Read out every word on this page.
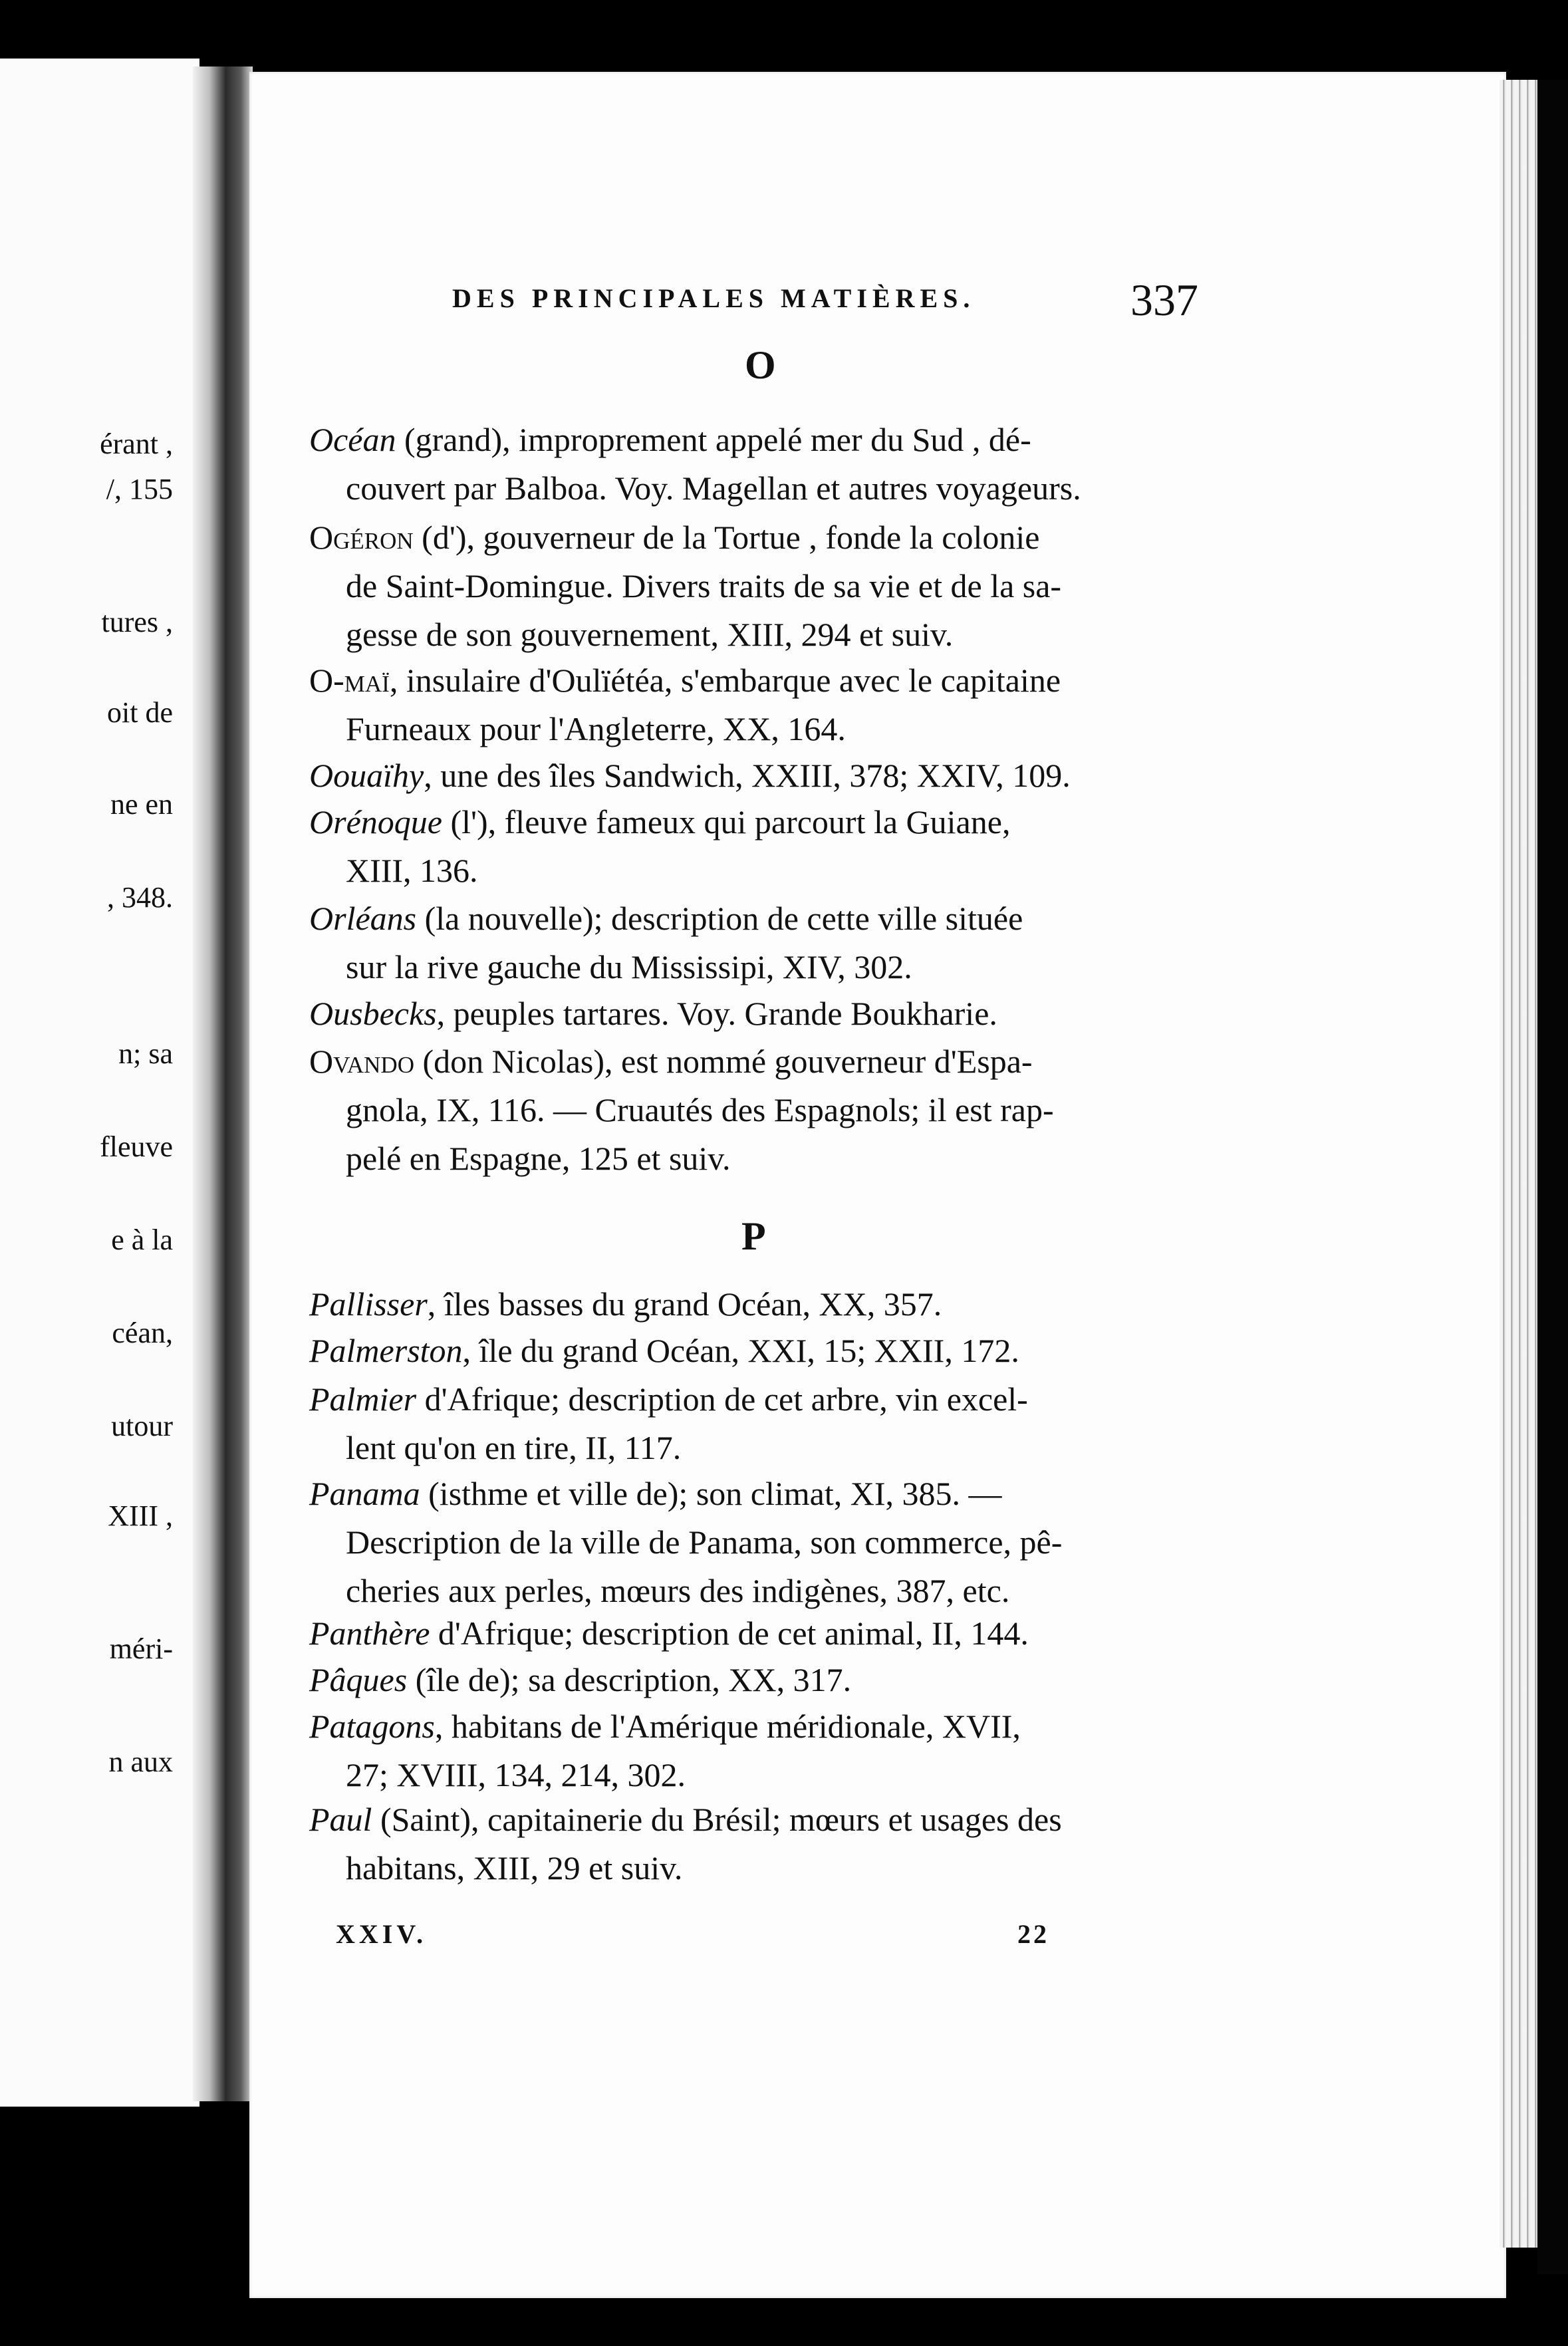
érant ,
/, 155
tures ,
oit de
ne en
, 348.
n; sa
fleuve
e à la
céan,
utour
XIII ,
méri-
n aux
DES PRINCIPALES MATIÈRES.	337
O
Océan (grand), improprement appelé mer du Sud , dé-
couvert par Balboa. Voy. Magellan et autres voyageurs.
Ogéron (d'), gouverneur de la Tortue , fonde la colonie
de Saint-Domingue. Divers traits de sa vie et de la sa-
gesse de son gouvernement, XIII, 294 et suiv.
O-maï, insulaire d'Oulïétéa, s'embarque avec le capitaine
Furneaux pour l'Angleterre, XX, 164.
Oouaïhy, une des îles Sandwich, XXIII, 378; XXIV, 109.
Orénoque (l'), fleuve fameux qui parcourt la Guiane,
XIII, 136.
Orléans (la nouvelle); description de cette ville située
sur la rive gauche du Mississipi, XIV, 302.
Ousbecks, peuples tartares. Voy. Grande Boukharie.
Ovando (don Nicolas), est nommé gouverneur d'Espa-
gnola, IX, 116. — Cruautés des Espagnols; il est rap-
pelé en Espagne, 125 et suiv.
P
Pallisser, îles basses du grand Océan, XX, 357.
Palmerston, île du grand Océan, XXI, 15; XXII, 172.
Palmier d'Afrique; description de cet arbre, vin excel-
lent qu'on en tire, II, 117.
Panama (isthme et ville de); son climat, XI, 385. —
Description de la ville de Panama, son commerce, pê-
cheries aux perles, mœurs des indigènes, 387, etc.
Panthère d'Afrique; description de cet animal, II, 144.
Pâques (île de); sa description, XX, 317.
Patagons, habitans de l'Amérique méridionale, XVII,
27; XVIII, 134, 214, 302.
Paul (Saint), capitainerie du Brésil; mœurs et usages des
habitans, XIII, 29 et suiv.
XXIV.	22
